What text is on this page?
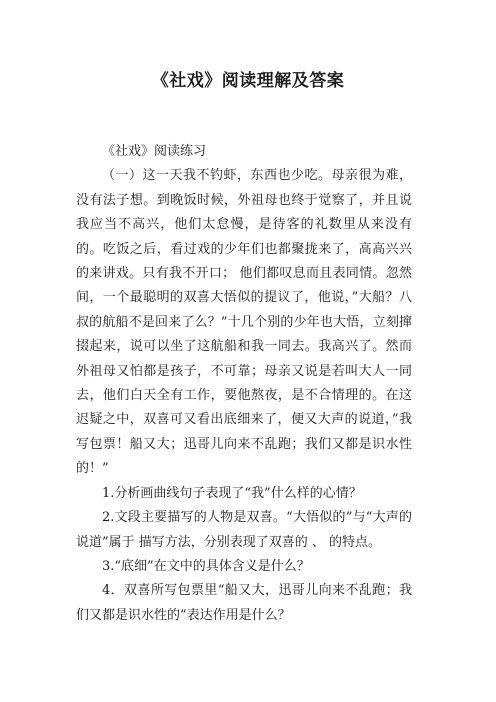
《社戏》阅读理解及答案

《社戏》阅读练习

（一）这一天我不钓虾，东西也少吃。母亲很为难，没有法子想。到晚饭时候，外祖母也终于觉察了，并且说我应当不高兴，他们太怠慢，是待客的礼数里从来没有的。吃饭之后，看过戏的少年们也都聚拢来了，高高兴兴的来讲戏。只有我不开口； 他们都叹息而且表同情。忽然间，一个最聪明的双喜大悟似的提议了，他说，”大船？八叔的航船不是回来了么？”十几个别的少年也大悟，立刻撺掇起来，说可以坐了这航船和我一同去。我高兴了。然而外祖母又怕都是孩子，不可靠；母亲又说是若叫大人一同去，他们白天全有工作，要他熬夜，是不合情理的。在这迟疑之中，双喜可又看出底细来了，便又大声的说道，”我写包票！船又大；迅哥儿向来不乱跑；我们又都是识水性的！”

1.分析画曲线句子表现了“我”什么样的心情？

2.文段主要描写的人物是双喜。“大悟似的”与“大声的说道”属于 描写方法，分别表现了双喜的 、 的特点。

3.“底细”在文中的具体含义是什么？

4．双喜所写包票里“船又大，迅哥儿向来不乱跑；我们又都是识水性的”表达作用是什么？
